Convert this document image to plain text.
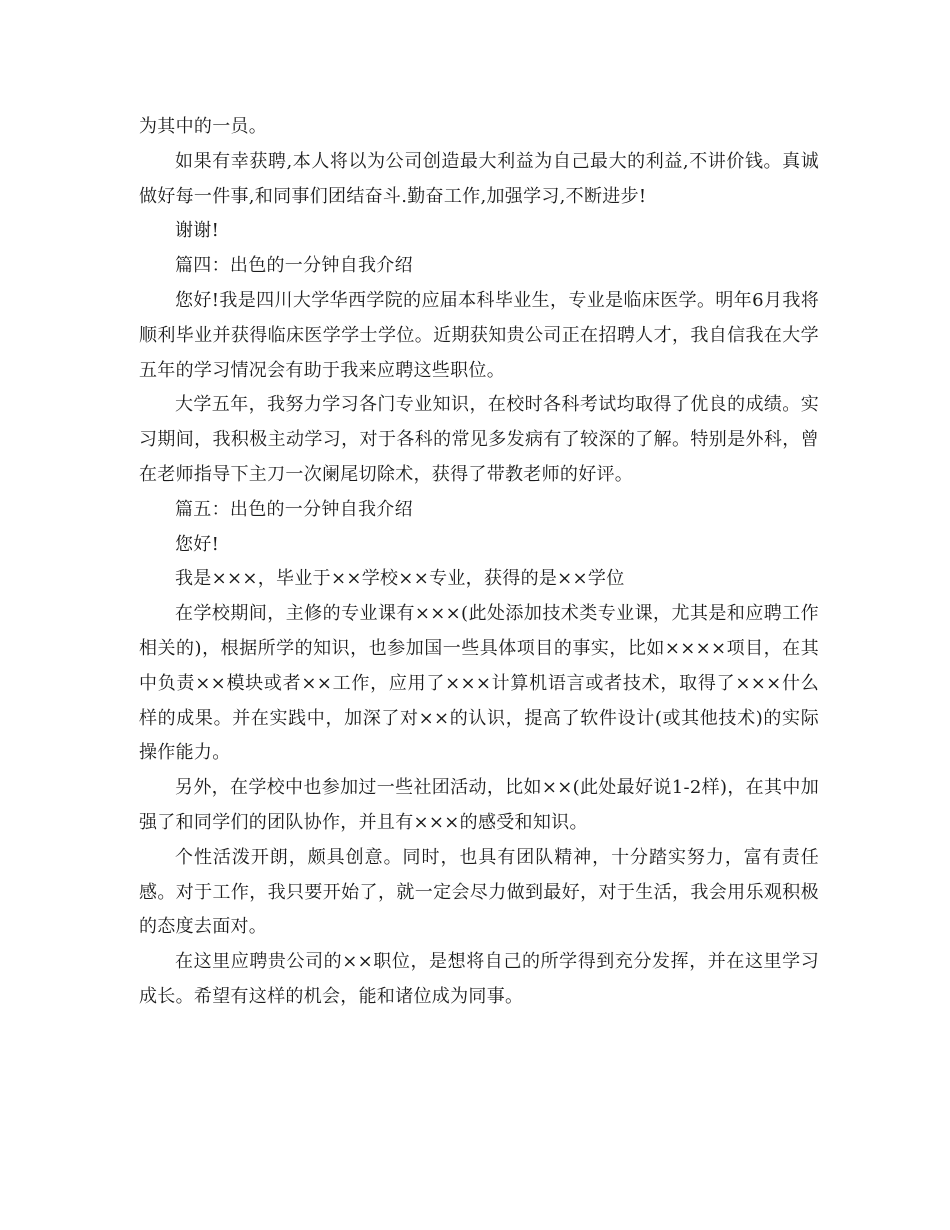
为其中的一员。

如果有幸获聘,本人将以为公司创造最大利益为自己最大的利益,不讲价钱。真诚做好每一件事,和同事们团结奋斗.勤奋工作,加强学习,不断进步!

谢谢!

篇四：出色的一分钟自我介绍

您好!我是四川大学华西学院的应届本科毕业生，专业是临床医学。明年6月我将顺利毕业并获得临床医学学士学位。近期获知贵公司正在招聘人才，我自信我在大学五年的学习情况会有助于我来应聘这些职位。

大学五年，我努力学习各门专业知识，在校时各科考试均取得了优良的成绩。实习期间，我积极主动学习，对于各科的常见多发病有了较深的了解。特别是外科，曾在老师指导下主刀一次阑尾切除术，获得了带教老师的好评。

篇五：出色的一分钟自我介绍

您好!

我是×××，毕业于××学校××专业，获得的是××学位

在学校期间，主修的专业课有×××(此处添加技术类专业课，尤其是和应聘工作相关的)，根据所学的知识，也参加国一些具体项目的事实，比如××××项目，在其中负责××模块或者××工作，应用了×××计算机语言或者技术，取得了×××什么样的成果。并在实践中，加深了对××的认识，提高了软件设计(或其他技术)的实际操作能力。

另外，在学校中也参加过一些社团活动，比如××(此处最好说1-2样)，在其中加强了和同学们的团队协作，并且有×××的感受和知识。

个性活泼开朗，颇具创意。同时，也具有团队精神，十分踏实努力，富有责任感。对于工作，我只要开始了，就一定会尽力做到最好，对于生活，我会用乐观积极的态度去面对。

在这里应聘贵公司的××职位，是想将自己的所学得到充分发挥，并在这里学习成长。希望有这样的机会，能和诸位成为同事。
